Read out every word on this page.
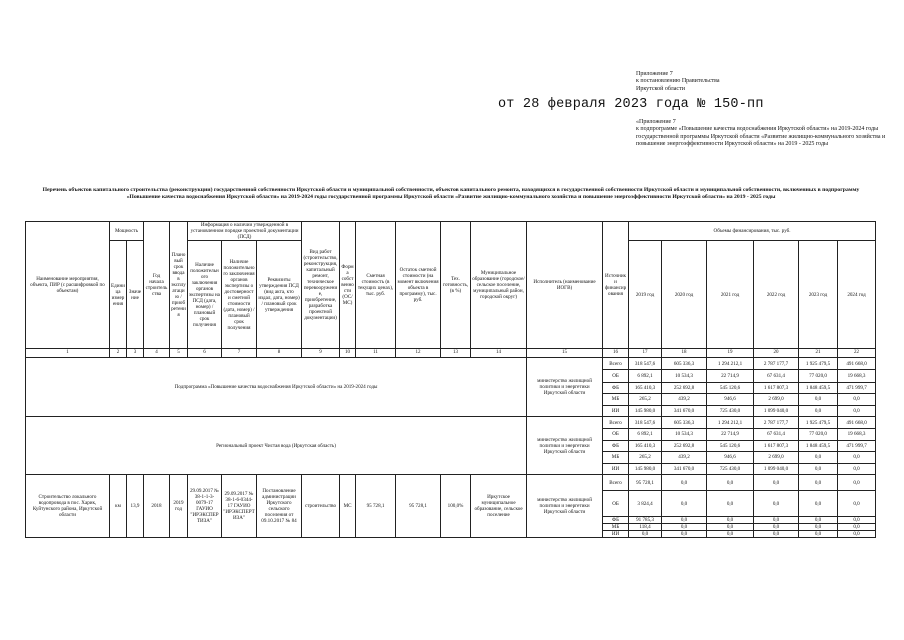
Приложение 7
к постановлению Правительства
Иркутской области
от 28 февраля 2023 года № 150-пп
«Приложение 7
к подпрограмме «Повышение качества водоснабжения Иркутской области» на 2019-2024 годы государственной программы Иркутской области «Развитие жилищно-коммунального хозяйства и повышение энергоэффективности Иркутской области» на 2019 - 2025 годы
Перечень объектов капитального строительства (реконструкции) государственной собственности Иркутской области и муниципальной собственности, объектов капитального ремонта, находящихся в государственной собственности Иркутской области и муниципальной собственности, включенных в подпрограмму «Повышение качества водоснабжения Иркутской области» на 2019-2024 годы государственной программы Иркутской области «Развитие жилищно-коммунального хозяйства и повышение энергоэффективности Иркутской области» на 2019 - 2025 годы
Наименование мероприятия, объекта, ПИР (с расшифровкой по объектам)	Мощность		Год начала строительства	Плановый срок ввода в эксплуатацию / приобретения	Информация о наличии утвержденной в установленном порядке проектной документации (ПСД)			Вид работ (строительство, реконструкция, капитальный ремонт, техническое перевооружение, приобретение, разработка проектной документации)	Форма собственности (ОС/МС)	Сметная стоимость (в текущих ценах), тыс. руб.	Остаток сметной стоимости (на момент включения объекта в программу), тыс. руб.	Тех. готовность, (в %)	Муниципальное образование (городское/сельское поселение, муниципальный район, городской округ)	Исполнитель (наименование ИОГВ)	Источники финансирования	Объемы финансирования, тыс. руб.					
	Единица измерения	Значение			Наличие положительного заключения органов экспертизы на ПСД (дата, номер) / плановый срок получения	Наличие положительного заключения органов экспертизы о достоверности сметной стоимости (дата, номер) / плановый срок получения	Реквизиты утверждения ПСД (вид акта, кто издал, дата, номер) / плановый срок утверждения									2019 год	2020 год	2021 год	2022 год	2023 год	2024 год

1	2	3	4	5	6	7	8	9	10	11	12	13	14	15	16	17	18	19	20	21	22
Подпрограмма «Повышение качества водоснабжения Иркутской области» на 2019-2024 годы														министерство жилищной политики и энергетики Иркутской области	Всего	318 547,6	605 336,3	1 294 212,1	2 787 177,7	1 925 479,5	491 668,0
															ОБ	6 892,1	10 534,3	22 714,9	67 631,4	77 020,0	19 668,3
															ФБ	165 410,3	252 692,8	545 120,6	1 617 807,3	1 848 459,5	471 999,7
															МБ	265,2	439,2	946,6	2 699,0	0,0	0,0
															ИИ	145 980,0	341 670,0	725 430,0	1 099 040,0	0,0	0,0
Региональный проект Чистая вода (Иркутская область)														министерство жилищной политики и энергетики Иркутской области	Всего	318 547,6	605 336,3	1 294 212,1	2 787 177,7	1 925 479,5	491 668,0
															ОБ	6 892,1	10 534,3	22 714,9	67 631,4	77 020,0	19 668,3
															ФБ	165 410,3	252 692,8	545 120,6	1 617 807,3	1 848 459,5	471 999,7
															МБ	265,2	439,2	946,6	2 699,0	0,0	0,0
															ИИ	145 980,0	341 670,0	725 430,0	1 099 040,0	0,0	0,0
Строительство локального водопровода в пос. Харик, Куйтунского района, Иркутской области	км	13,9	2018	2019 год	29.09.2017 № 38-1-1-3-0079-17 ГАУИО "ИРЭКСПЕРТИЗА"	29.09.2017 № 38-1-6-0344-17 ГАУИО "ИРЭКСПЕРТИЗА"	Постановление администрации Иркутского сельского поселения от 09.10.2017 № 84	строительство	МС	95 728,1	95 728,1	100,0%	Иркутское муниципальное образование, сельское поселение	министерство жилищной политики и энергетики Иркутской области	Всего	95 728,1	0,0	0,0	0,0	0,0	0,0
															ОБ	3 824,4	0,0	0,0	0,0	0,0	0,0
															ФБ	91 785,3	0,0	0,0	0,0	0,0	0,0
															МБ	118,4	0,0	0,0	0,0	0,0	0,0
															ИИ	0,0	0,0	0,0	0,0	0,0	0,0
